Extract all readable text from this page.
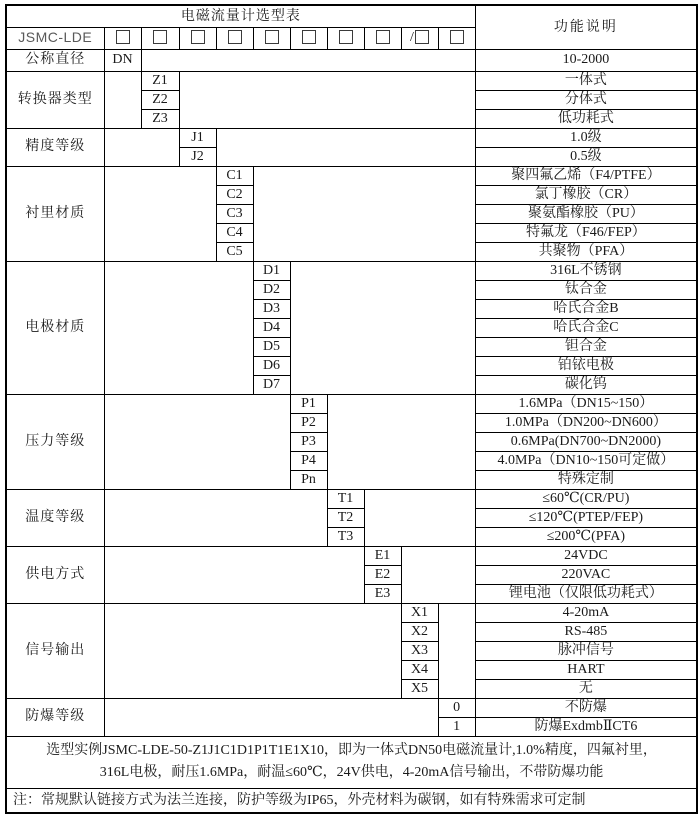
电磁流量计选型表											功能说明
JSMC-LDE									/		
公称直径	DN										10-2000
转换器类型		Z1									一体式
		Z2									分体式
		Z3									低功耗式
精度等级			J1								1.0级
			J2								0.5级
衬里材质				C1							聚四氟乙烯（F4/PTFE）
				C2							氯丁橡胶（CR）
				C3							聚氨酯橡胶（PU）
				C4							特氟龙（F46/FEP）
				C5							共聚物（PFA）
电极材质					D1						316L不锈钢
					D2						钛合金
					D3						哈氏合金B
					D4						哈氏合金C
					D5						钽合金
					D6						铂铱电极
					D7						碳化钨
压力等级						P1					1.6MPa（DN15~150）
						P2					1.0MPa（DN200~DN600）
						P3					0.6MPa(DN700~DN2000)
						P4					4.0MPa（DN10~150可定做）
						Pn					特殊定制
温度等级							T1				≤60℃(CR/PU)
							T2				≤120℃(PTEP/FEP)
							T3				≤200℃(PFA)
供电方式								E1			24VDC
								E2			220VAC
								E3			锂电池（仅限低功耗式）
信号输出									X1		4-20mA
									X2		RS-485
									X3		脉冲信号
									X4		HART
									X5		无
防爆等级										0	不防爆
										1	防爆ExdmbⅡCT6

选型实例JSMC-LDE-50-Z1J1C1D1P1T1E1X10，即为一体式DN50电磁流量计,1.0%精度，四氟衬里，
316L电极，耐压1.6MPa，耐温≤60℃，24V供电，4-20mA信号输出，不带防爆功能											

注：常规默认链接方式为法兰连接，防护等级为IP65，外壳材料为碳钢，如有特殊需求可定制											
